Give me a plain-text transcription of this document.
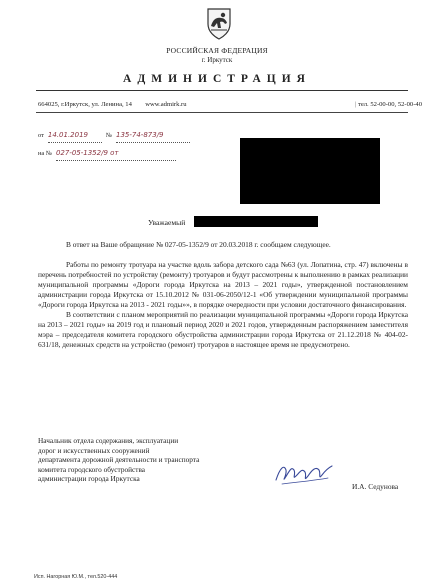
РОССИЙСКАЯ ФЕДЕРАЦИЯ
г. Иркутск
АДМИНИСТРАЦИЯ
664025, г.Иркутск, ул. Ленина, 14 www.admirk.ru	| тел. 52-00-00, 52-00-40
от 14.01.2019	№ 135-74-873/9
на № 027-05-1352/9 от
Уважаемый

В ответ на Ваше обращение № 027-05-1352/9 от 20.03.2018 г. сообщаем следующее.

Работы по ремонту тротуара на участке вдоль забора детского сада №63 (ул. Лопатина, стр. 47) включены в перечень потребностей по устройству (ремонту) тротуаров и будут рассмотрены к выполнению в рамках реализации муниципальной программы «Дороги города Иркутска на 2013 – 2021 годы», утвержденной постановлением администрации города Иркутска от 15.10.2012 № 031-06-2050/12-1 «Об утверждении муниципальной программы «Дороги города Иркутска на 2013 - 2021 годы»», в порядке очередности при условии достаточного финансирования.

В соответствии с планом мероприятий по реализации муниципальной программы «Дороги города Иркутска на 2013 – 2021 годы» на 2019 год и плановый период 2020 и 2021 годов, утвержденным распоряжением заместителя мэра – председателя комитета городского обустройства администрации города Иркутска от 21.12.2018 № 404-02-631/18, денежных средств на устройство (ремонт) тротуаров в настоящее время не предусмотрено.

Начальник отдела содержания, эксплуатации
дорог и искусственных сооружений
департамента дорожной деятельности и транспорта
комитета городского обустройства
администрации города Иркутска
И.А. Седунова
Исп. Нагорная Ю.М., тел.520-444
